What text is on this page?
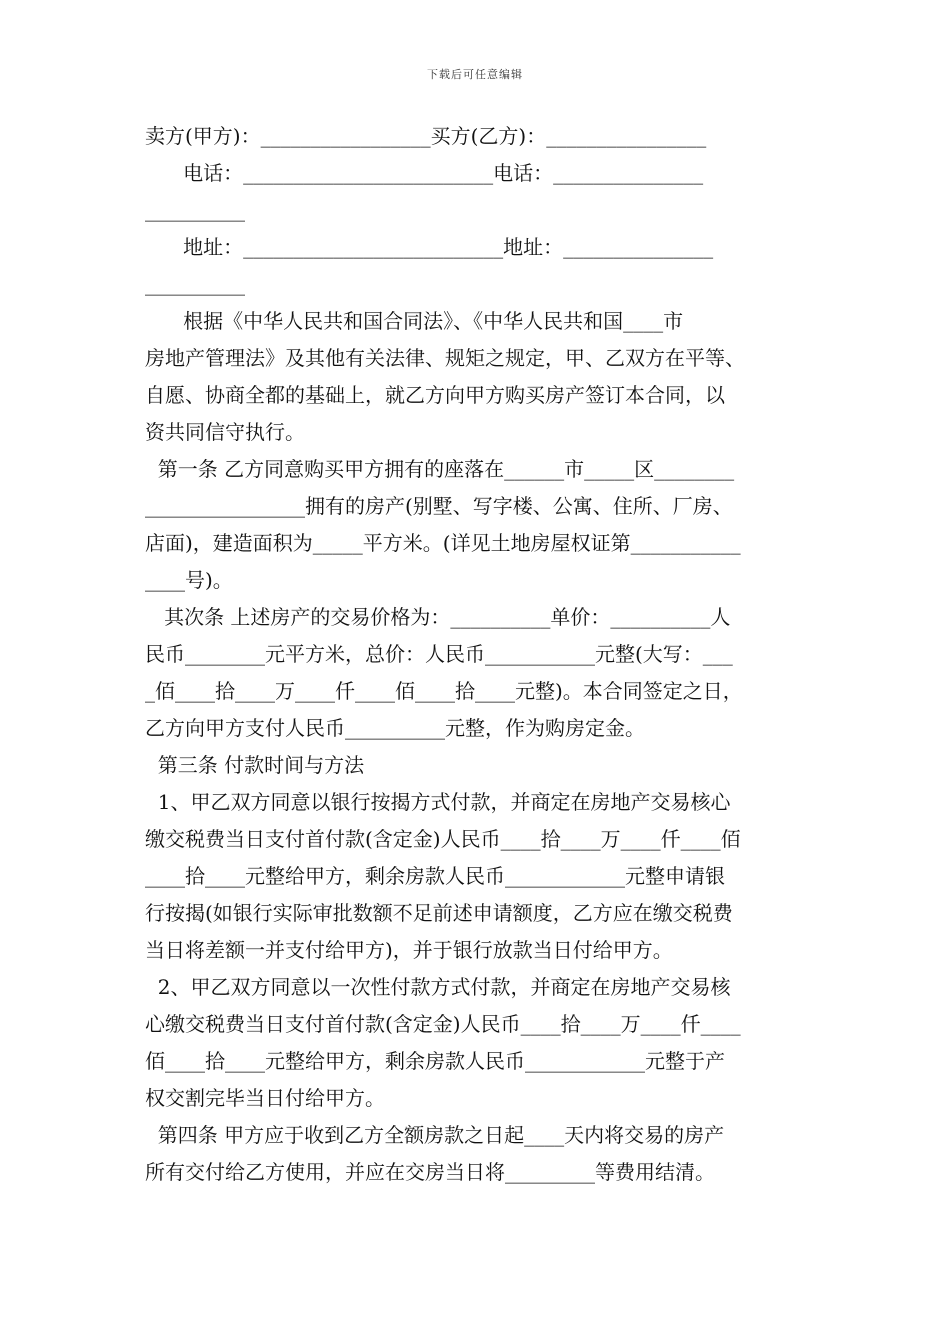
下载后可任意编辑
卖方(甲方)：_________________买方(乙方)：________________
电话：_________________________电话：_______________
__________
地址：__________________________地址：_______________
__________
根据《中华人民共和国合同法》、《中华人民共和国____市
房地产管理法》及其他有关法律、规矩之规定，甲、乙双方在平等、
自愿、协商全都的基础上，就乙方向甲方购买房产签订本合同，以
资共同信守执行。
第一条 乙方同意购买甲方拥有的座落在______市_____区________
________________拥有的房产(别墅、写字楼、公寓、住所、厂房、
店面)，建造面积为_____平方米。(详见土地房屋权证第___________
____号)。
其次条 上述房产的交易价格为：__________单价：__________人
民币________元平方米，总价：人民币___________元整(大写：___
_佰____拾____万____仟____佰____拾____元整)。本合同签定之日，
乙方向甲方支付人民币__________元整，作为购房定金。
第三条 付款时间与方法
1、甲乙双方同意以银行按揭方式付款，并商定在房地产交易核心
缴交税费当日支付首付款(含定金)人民币____拾____万____仟____佰
____拾____元整给甲方，剩余房款人民币____________元整申请银
行按揭(如银行实际审批数额不足前述申请额度，乙方应在缴交税费
当日将差额一并支付给甲方)，并于银行放款当日付给甲方。
2、甲乙双方同意以一次性付款方式付款，并商定在房地产交易核
心缴交税费当日支付首付款(含定金)人民币____拾____万____仟____
佰____拾____元整给甲方，剩余房款人民币____________元整于产
权交割完毕当日付给甲方。
第四条 甲方应于收到乙方全额房款之日起____天内将交易的房产
所有交付给乙方使用，并应在交房当日将_________等费用结清。
